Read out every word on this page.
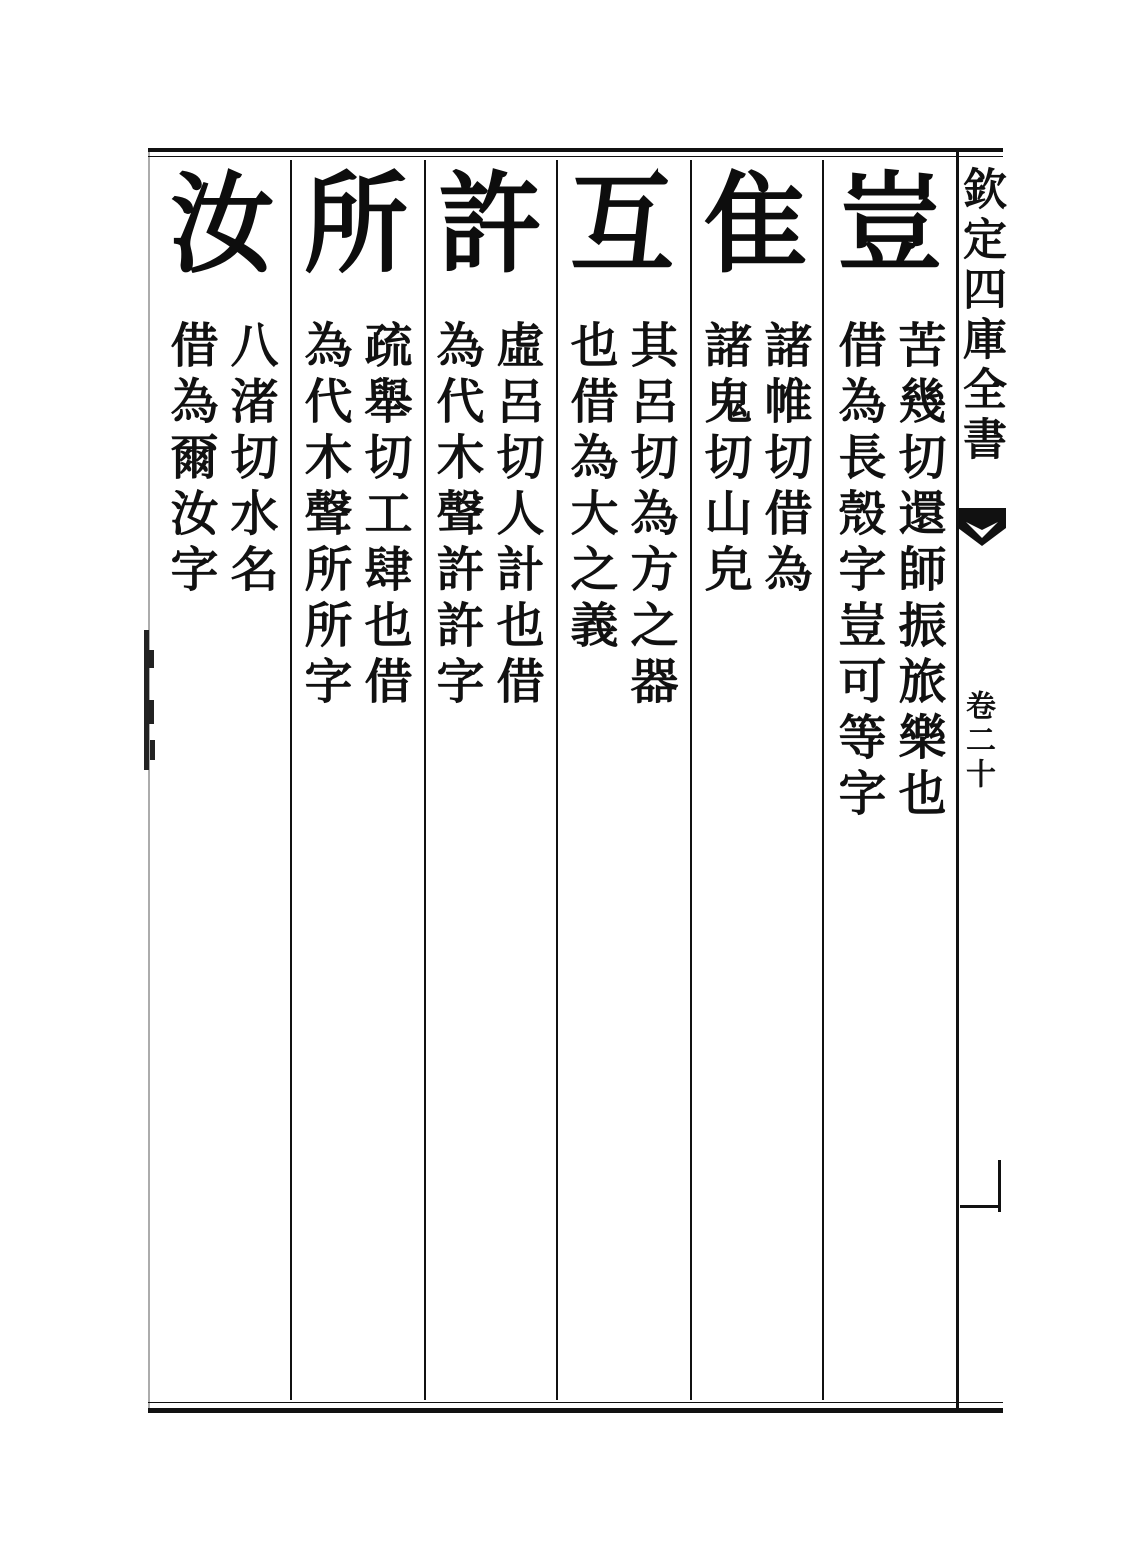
欽定四庫全書
卷二十
豈
苦幾切還師振旅樂也
借為長殼字豈可等字
隹
諸帷切借為
諸鬼切山皃
互
其呂切為方之器
也借為大之義
許
虛呂切人計也借
為代木聲許許字
所
疏舉切工肆也借
為代木聲所所字
汝
八渚切水名
借為爾汝字
